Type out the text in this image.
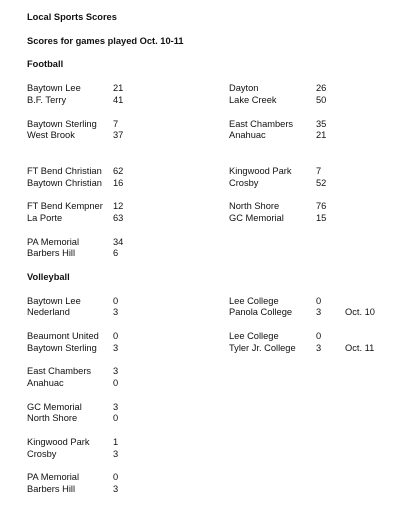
Local Sports Scores
Scores for games played Oct. 10-11
Football
Baytown Lee	21
B.F. Terry	41
Dayton	26
Lake Creek	50
Baytown Sterling 7
West Brook	37
East Chambers 35
Anahuac	21
FT Bend Christian 62
Baytown Christian 16
Kingwood Park	7
Crosby	52
FT Bend Kempner 12
La Porte	63
North Shore	76
GC Memorial	15
PA Memorial	34
Barbers Hill	6
Volleyball
Baytown Lee	0
Nederland	3
Lee College	0
Panola College	3	Oct. 10
Beaumont United 0
Baytown Sterling 3
Lee College	0
Tyler Jr. College 3	Oct. 11
East Chambers 3
Anahuac	0
GC Memorial	3
North Shore	0
Kingwood Park	1
Crosby	3
PA Memorial	0
Barbers Hill	3
